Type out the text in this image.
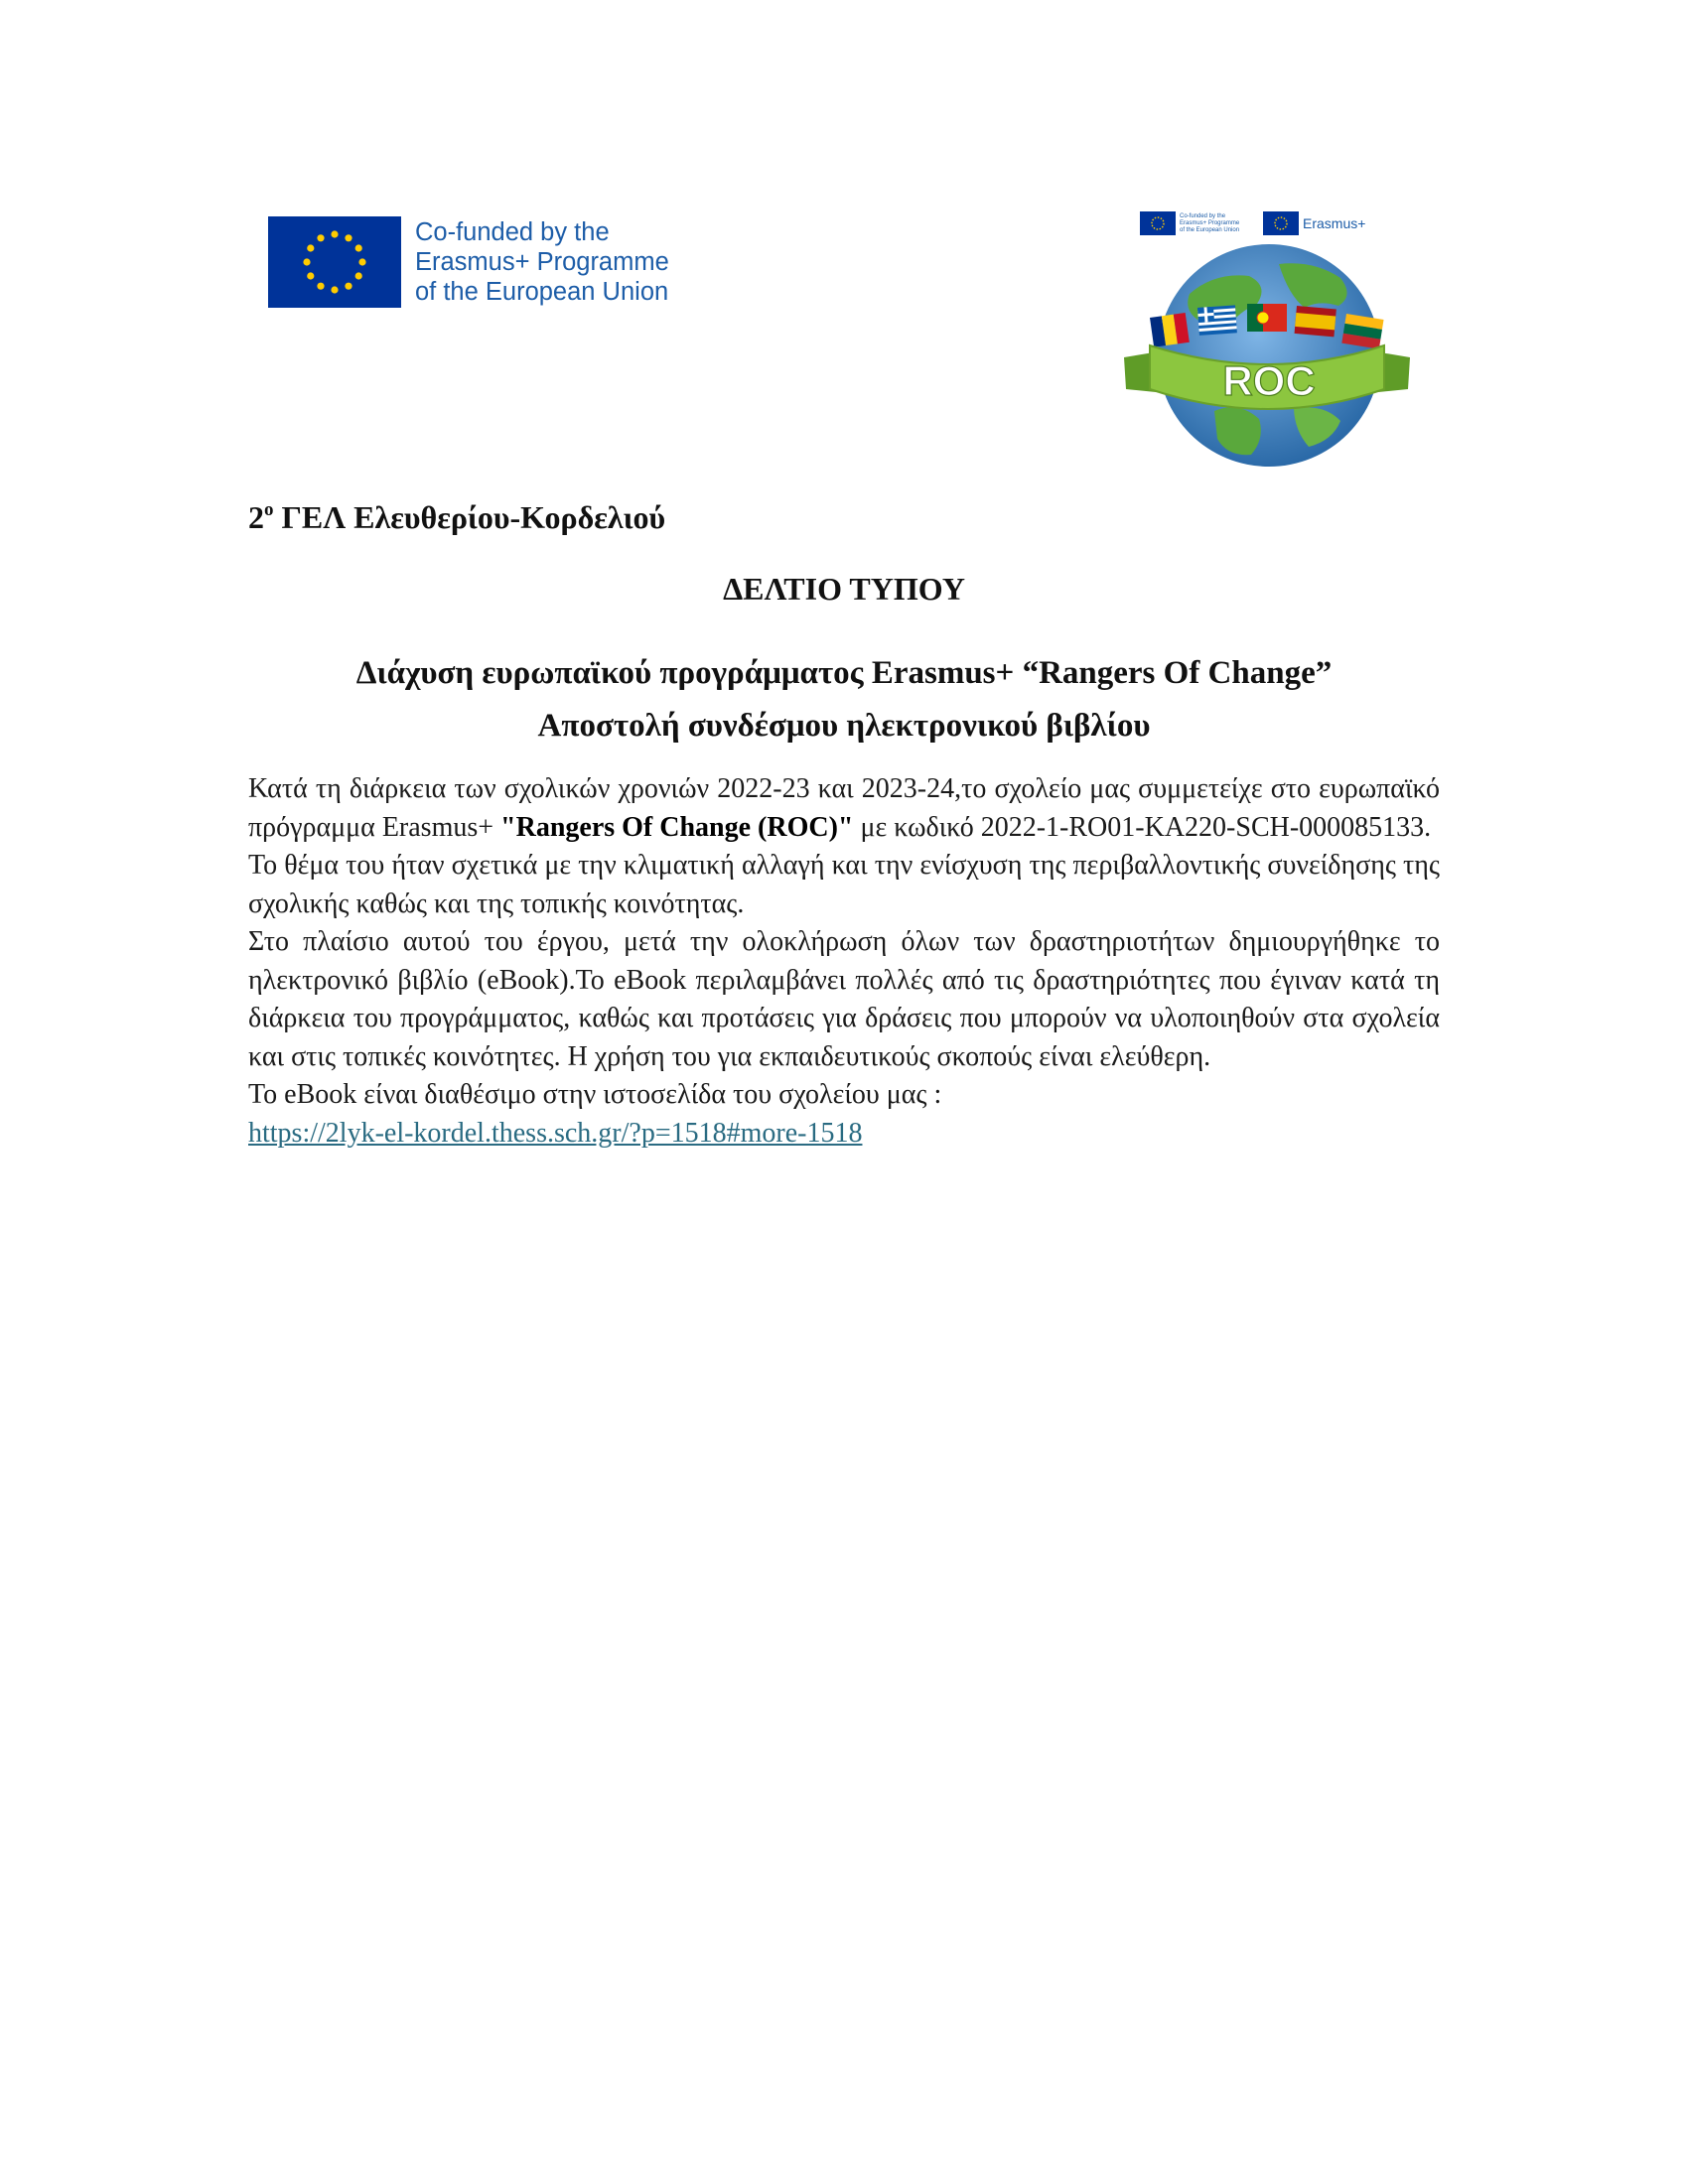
Co-funded by the
Erasmus+ Programme
of the European Union
Co-funded by the
Erasmus+ Programme
of the European Union	Erasmus+
ROC
$2^o$ ΓΕΛ Ελευθερίου-Κορδελιού
ΔΕΛΤΙΟ ΤΥΠΟΥ
Διάχυση ευρωπαϊκού προγράμματος Erasmus+ “Rangers Of Change”
Αποστολή συνδέσμου ηλεκτρονικού βιβλίου

Κατά τη διάρκεια των σχολικών χρονιών 2022-23 και 2023-24,το σχολείο μας συμμετείχε στο ευρωπαϊκό πρόγραμμα Erasmus+ "Rangers Of Change (ROC)" με κωδικό 2022-1-RO01-KA220-SCH-000085133.

Το θέμα του ήταν σχετικά με την κλιματική αλλαγή και την ενίσχυση της περιβαλλοντικής συνείδησης της σχολικής καθώς και της τοπικής κοινότητας.

Στο πλαίσιο αυτού του έργου, μετά την ολοκλήρωση όλων των δραστηριοτήτων δημιουργήθηκε το ηλεκτρονικό βιβλίο (eBook).Το eBook περιλαμβάνει πολλές από τις δραστηριότητες που έγιναν κατά τη διάρκεια του προγράμματος, καθώς και προτάσεις για δράσεις που μπορούν να υλοποιηθούν στα σχολεία και στις τοπικές κοινότητες. Η χρήση του για εκπαιδευτικούς σκοπούς είναι ελεύθερη.

Το eBook είναι διαθέσιμο στην ιστοσελίδα του σχολείου μας :

https://2lyk-el-kordel.thess.sch.gr/?p=1518#more-1518
